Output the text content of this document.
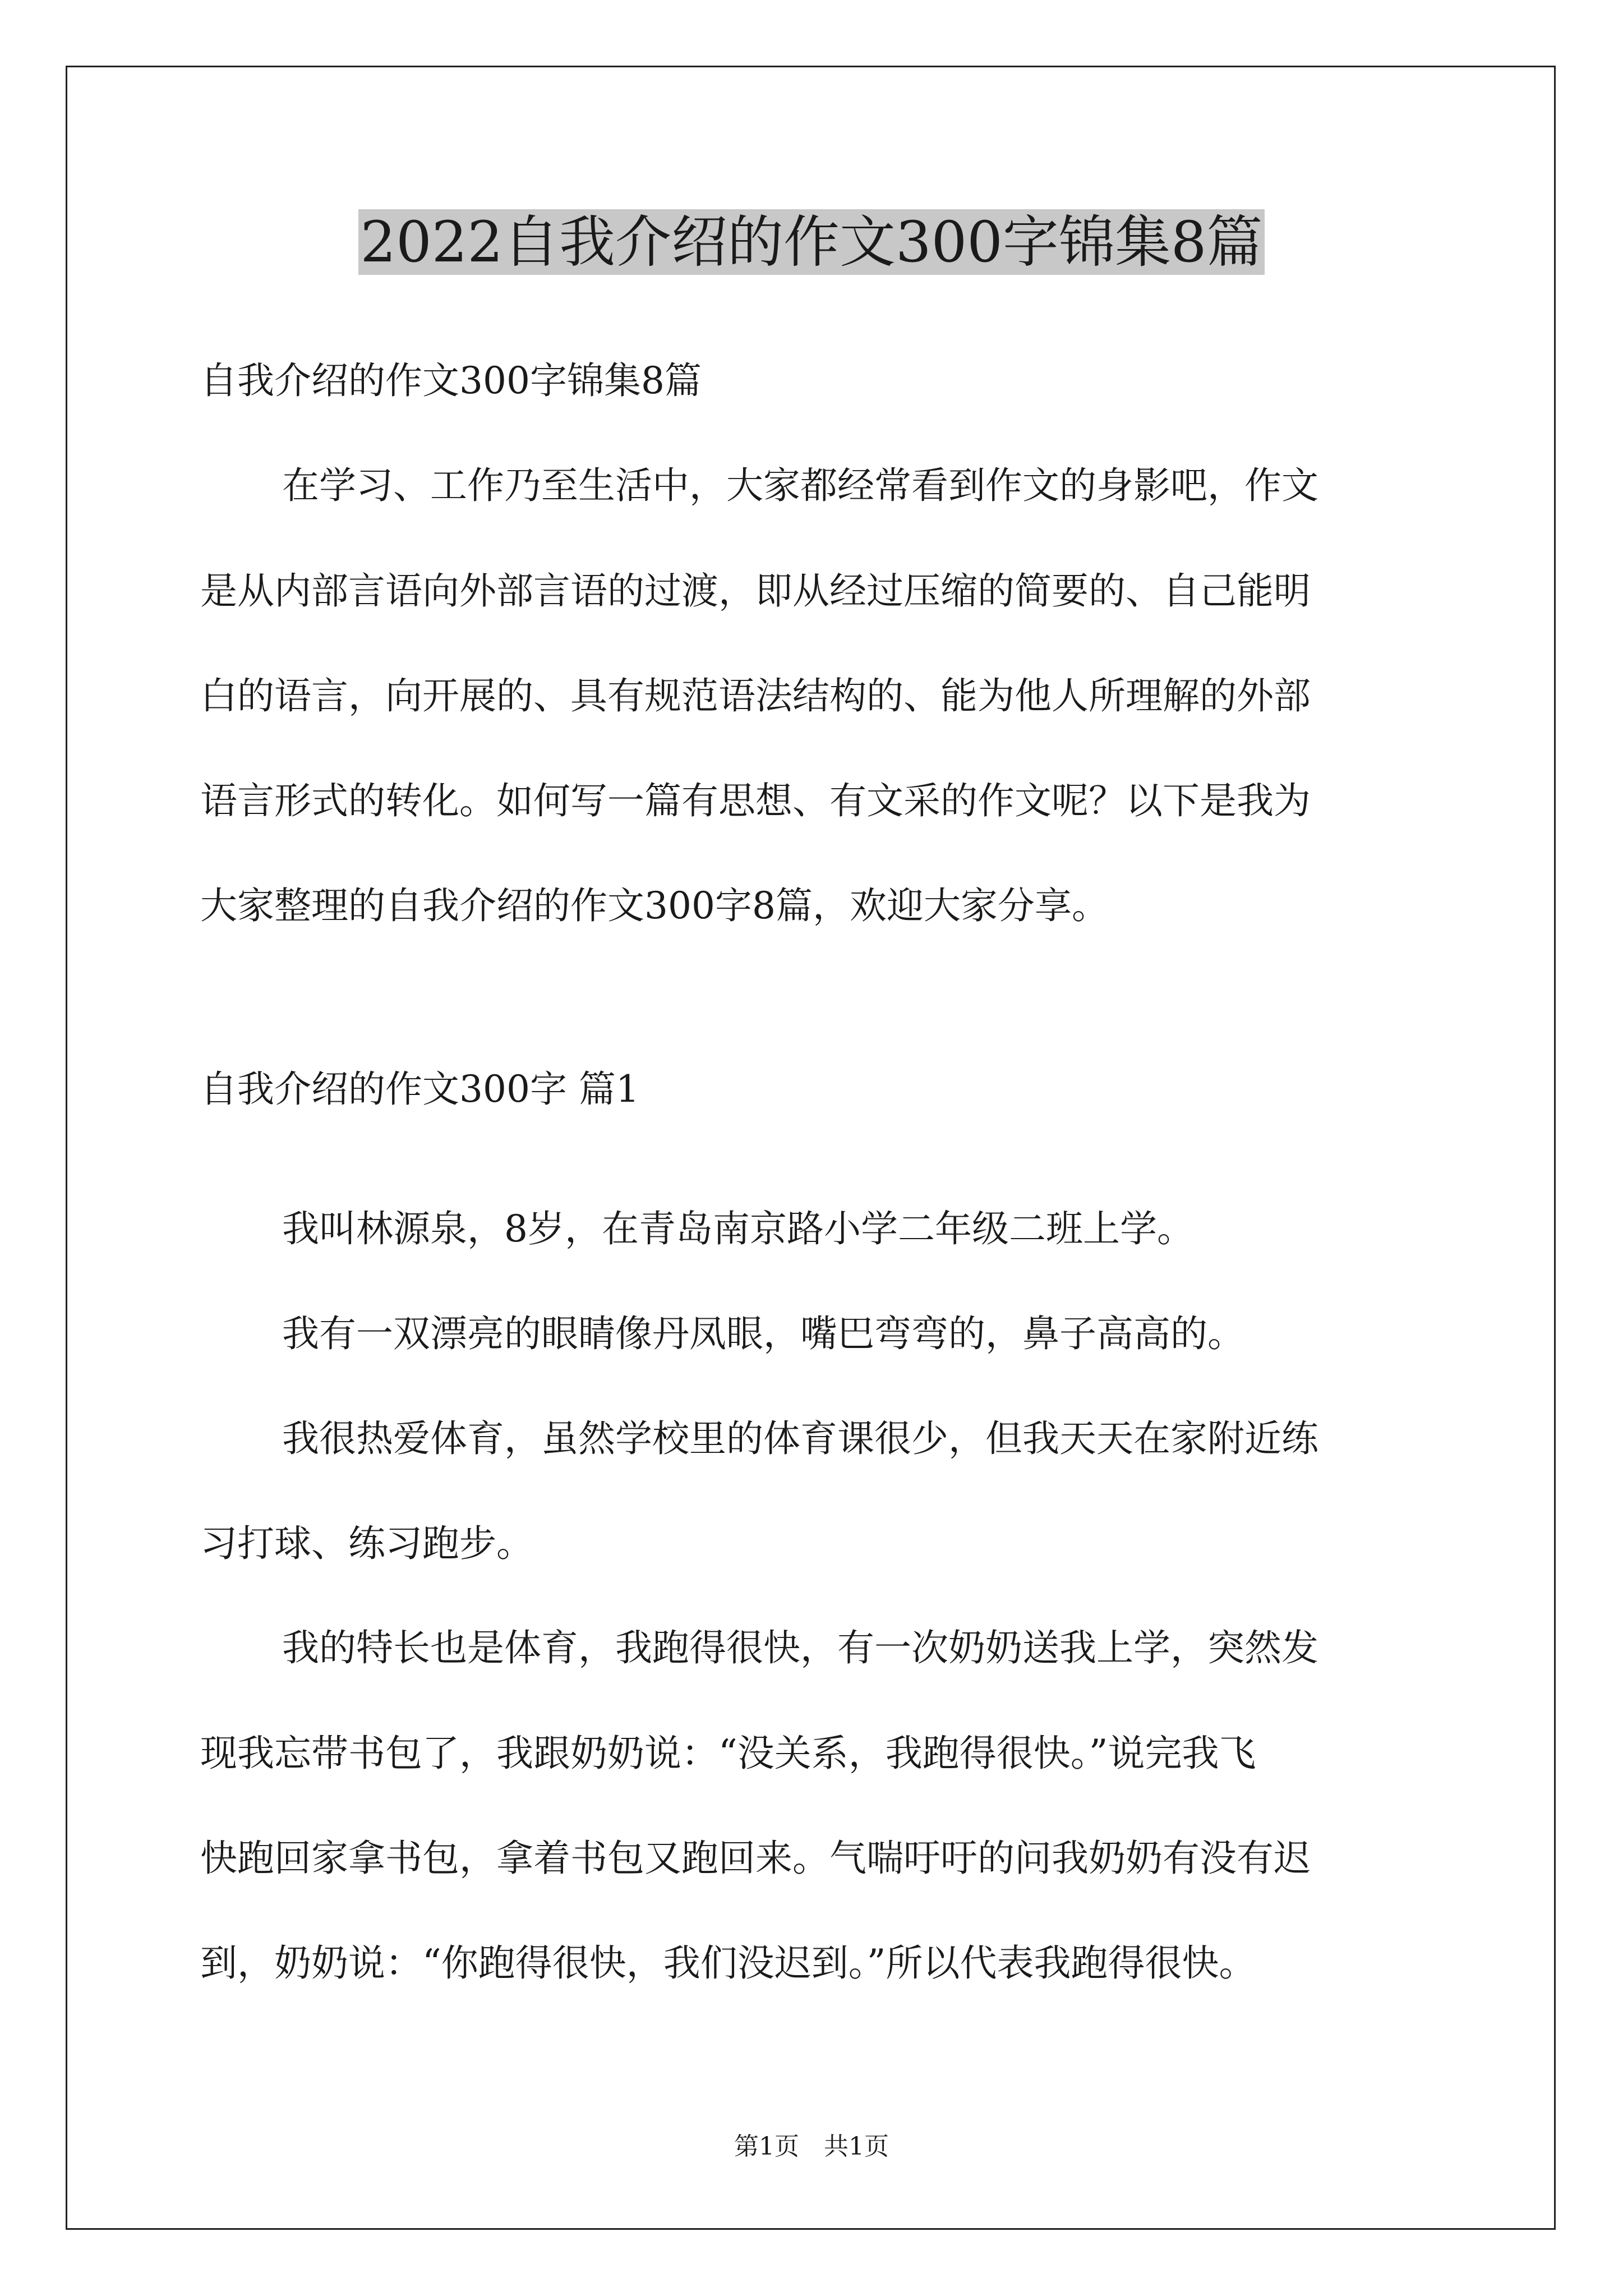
2022自我介绍的作文300字锦集8篇
自我介绍的作文300字锦集8篇
在学习、工作乃至生活中，大家都经常看到作文的身影吧，作文
是从内部言语向外部言语的过渡，即从经过压缩的简要的、自己能明
白的语言，向开展的、具有规范语法结构的、能为他人所理解的外部
语言形式的转化。如何写一篇有思想、有文采的作文呢？以下是我为
大家整理的自我介绍的作文300字8篇，欢迎大家分享。
自我介绍的作文300字 篇1
我叫林源泉，8岁，在青岛南京路小学二年级二班上学。
我有一双漂亮的眼睛像丹凤眼，嘴巴弯弯的，鼻子高高的。
我很热爱体育，虽然学校里的体育课很少，但我天天在家附近练
习打球、练习跑步。
我的特长也是体育，我跑得很快，有一次奶奶送我上学，突然发
现我忘带书包了，我跟奶奶说：“没关系，我跑得很快。”说完我飞
快跑回家拿书包，拿着书包又跑回来。气喘吁吁的问我奶奶有没有迟
到，奶奶说：“你跑得很快，我们没迟到。”所以代表我跑得很快。
第1页　共1页
